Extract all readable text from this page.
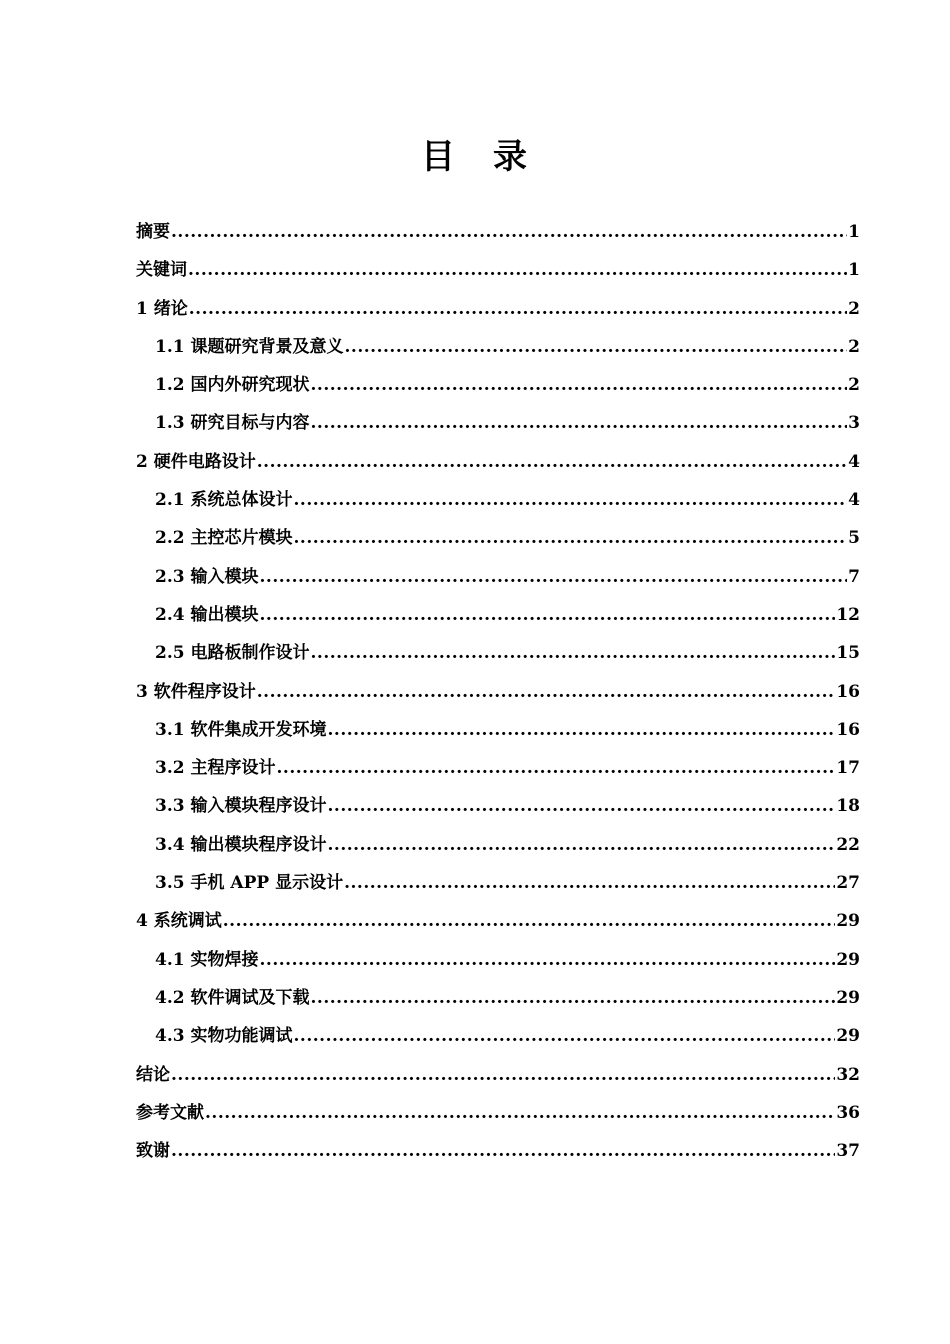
目　录
摘要 .....	1
关键词 .....	1
1 绪论 .....	2
1.1 课题研究背景及意义 .....	2
1.2 国内外研究现状 .....	2
1.3 研究目标与内容 .....	3
2 硬件电路设计 .....	4
2.1 系统总体设计 .....	4
2.2 主控芯片模块 .....	5
2.3 输入模块 .....	7
2.4 输出模块 .....	12
2.5 电路板制作设计 .....	15
3 软件程序设计 .....	16
3.1 软件集成开发环境 .....	16
3.2 主程序设计 .....	17
3.3 输入模块程序设计 .....	18
3.4 输出模块程序设计 .....	22
3.5 手机 APP 显示设计 .....	27
4 系统调试 .....	29
4.1 实物焊接 .....	29
4.2 软件调试及下载 .....	29
4.3 实物功能调试 .....	29
结论 .....	32
参考文献 .....	36
致谢 .....	37
